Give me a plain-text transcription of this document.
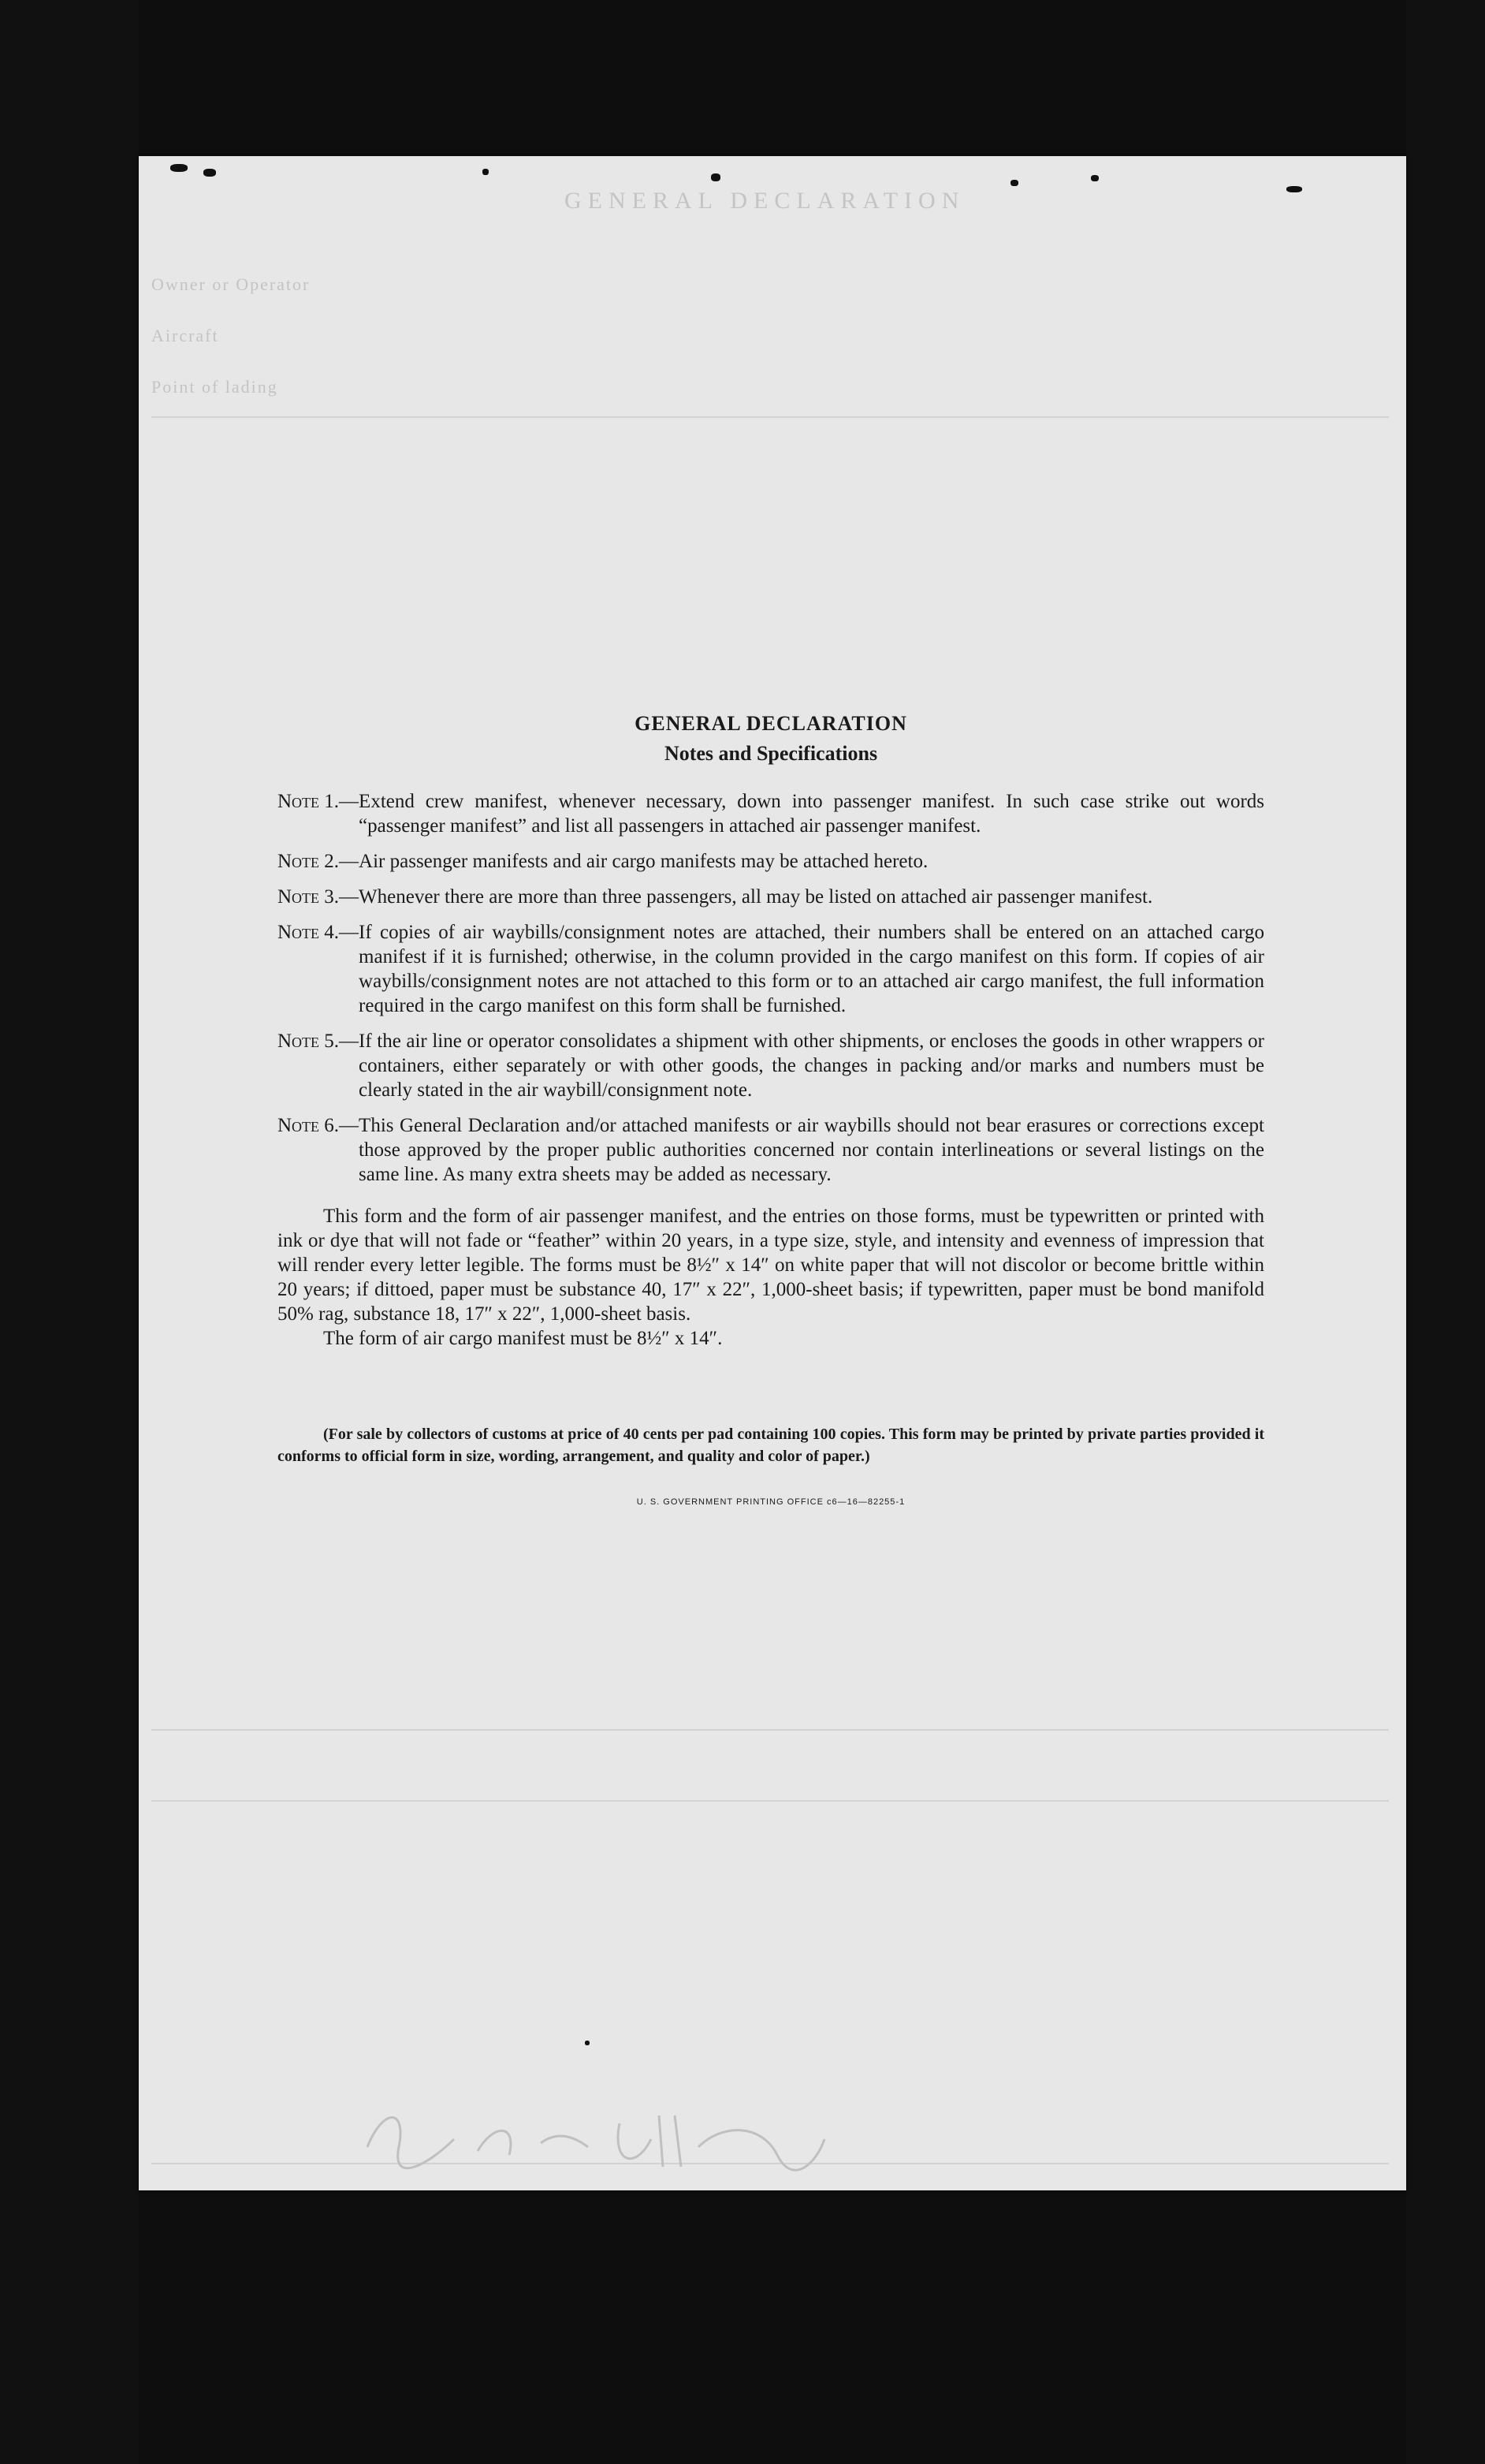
GENERAL DECLARATION
Owner or Operator
Aircraft
Point of lading
GENERAL DECLARATION
Notes and Specifications
Note 1. — Extend crew manifest, whenever necessary, down into passenger manifest. In such case strike out words “passenger manifest” and list all passengers in attached air passenger manifest.
Note 2. — Air passenger manifests and air cargo manifests may be attached hereto.
Note 3. — Whenever there are more than three passengers, all may be listed on attached air passenger manifest.
Note 4. — If copies of air waybills/consignment notes are attached, their numbers shall be entered on an attached cargo manifest if it is furnished; otherwise, in the column provided in the cargo manifest on this form. If copies of air waybills/consignment notes are not attached to this form or to an attached air cargo manifest, the full information required in the cargo manifest on this form shall be furnished.
Note 5. — If the air line or operator consolidates a shipment with other shipments, or encloses the goods in other wrappers or containers, either separately or with other goods, the changes in packing and/or marks and numbers must be clearly stated in the air waybill/consignment note.
Note 6. — This General Declaration and/or attached manifests or air waybills should not bear erasures or corrections except those approved by the proper public authorities concerned nor contain interlineations or several listings on the same line. As many extra sheets may be added as necessary.
This form and the form of air passenger manifest, and the entries on those forms, must be typewritten or printed with ink or dye that will not fade or “feather” within 20 years, in a type size, style, and intensity and evenness of impression that will render every letter legible. The forms must be 8½″ x 14″ on white paper that will not discolor or become brittle within 20 years; if dittoed, paper must be substance 40, 17″ x 22″, 1,000-sheet basis; if typewritten, paper must be bond manifold 50% rag, substance 18, 17″ x 22″, 1,000-sheet basis.
The form of air cargo manifest must be 8½″ x 14″.
(For sale by collectors of customs at price of 40 cents per pad containing 100 copies. This form may be printed by private parties provided it conforms to official form in size, wording, arrangement, and quality and color of paper.)
U. S. GOVERNMENT PRINTING OFFICE c6—16—82255-1
